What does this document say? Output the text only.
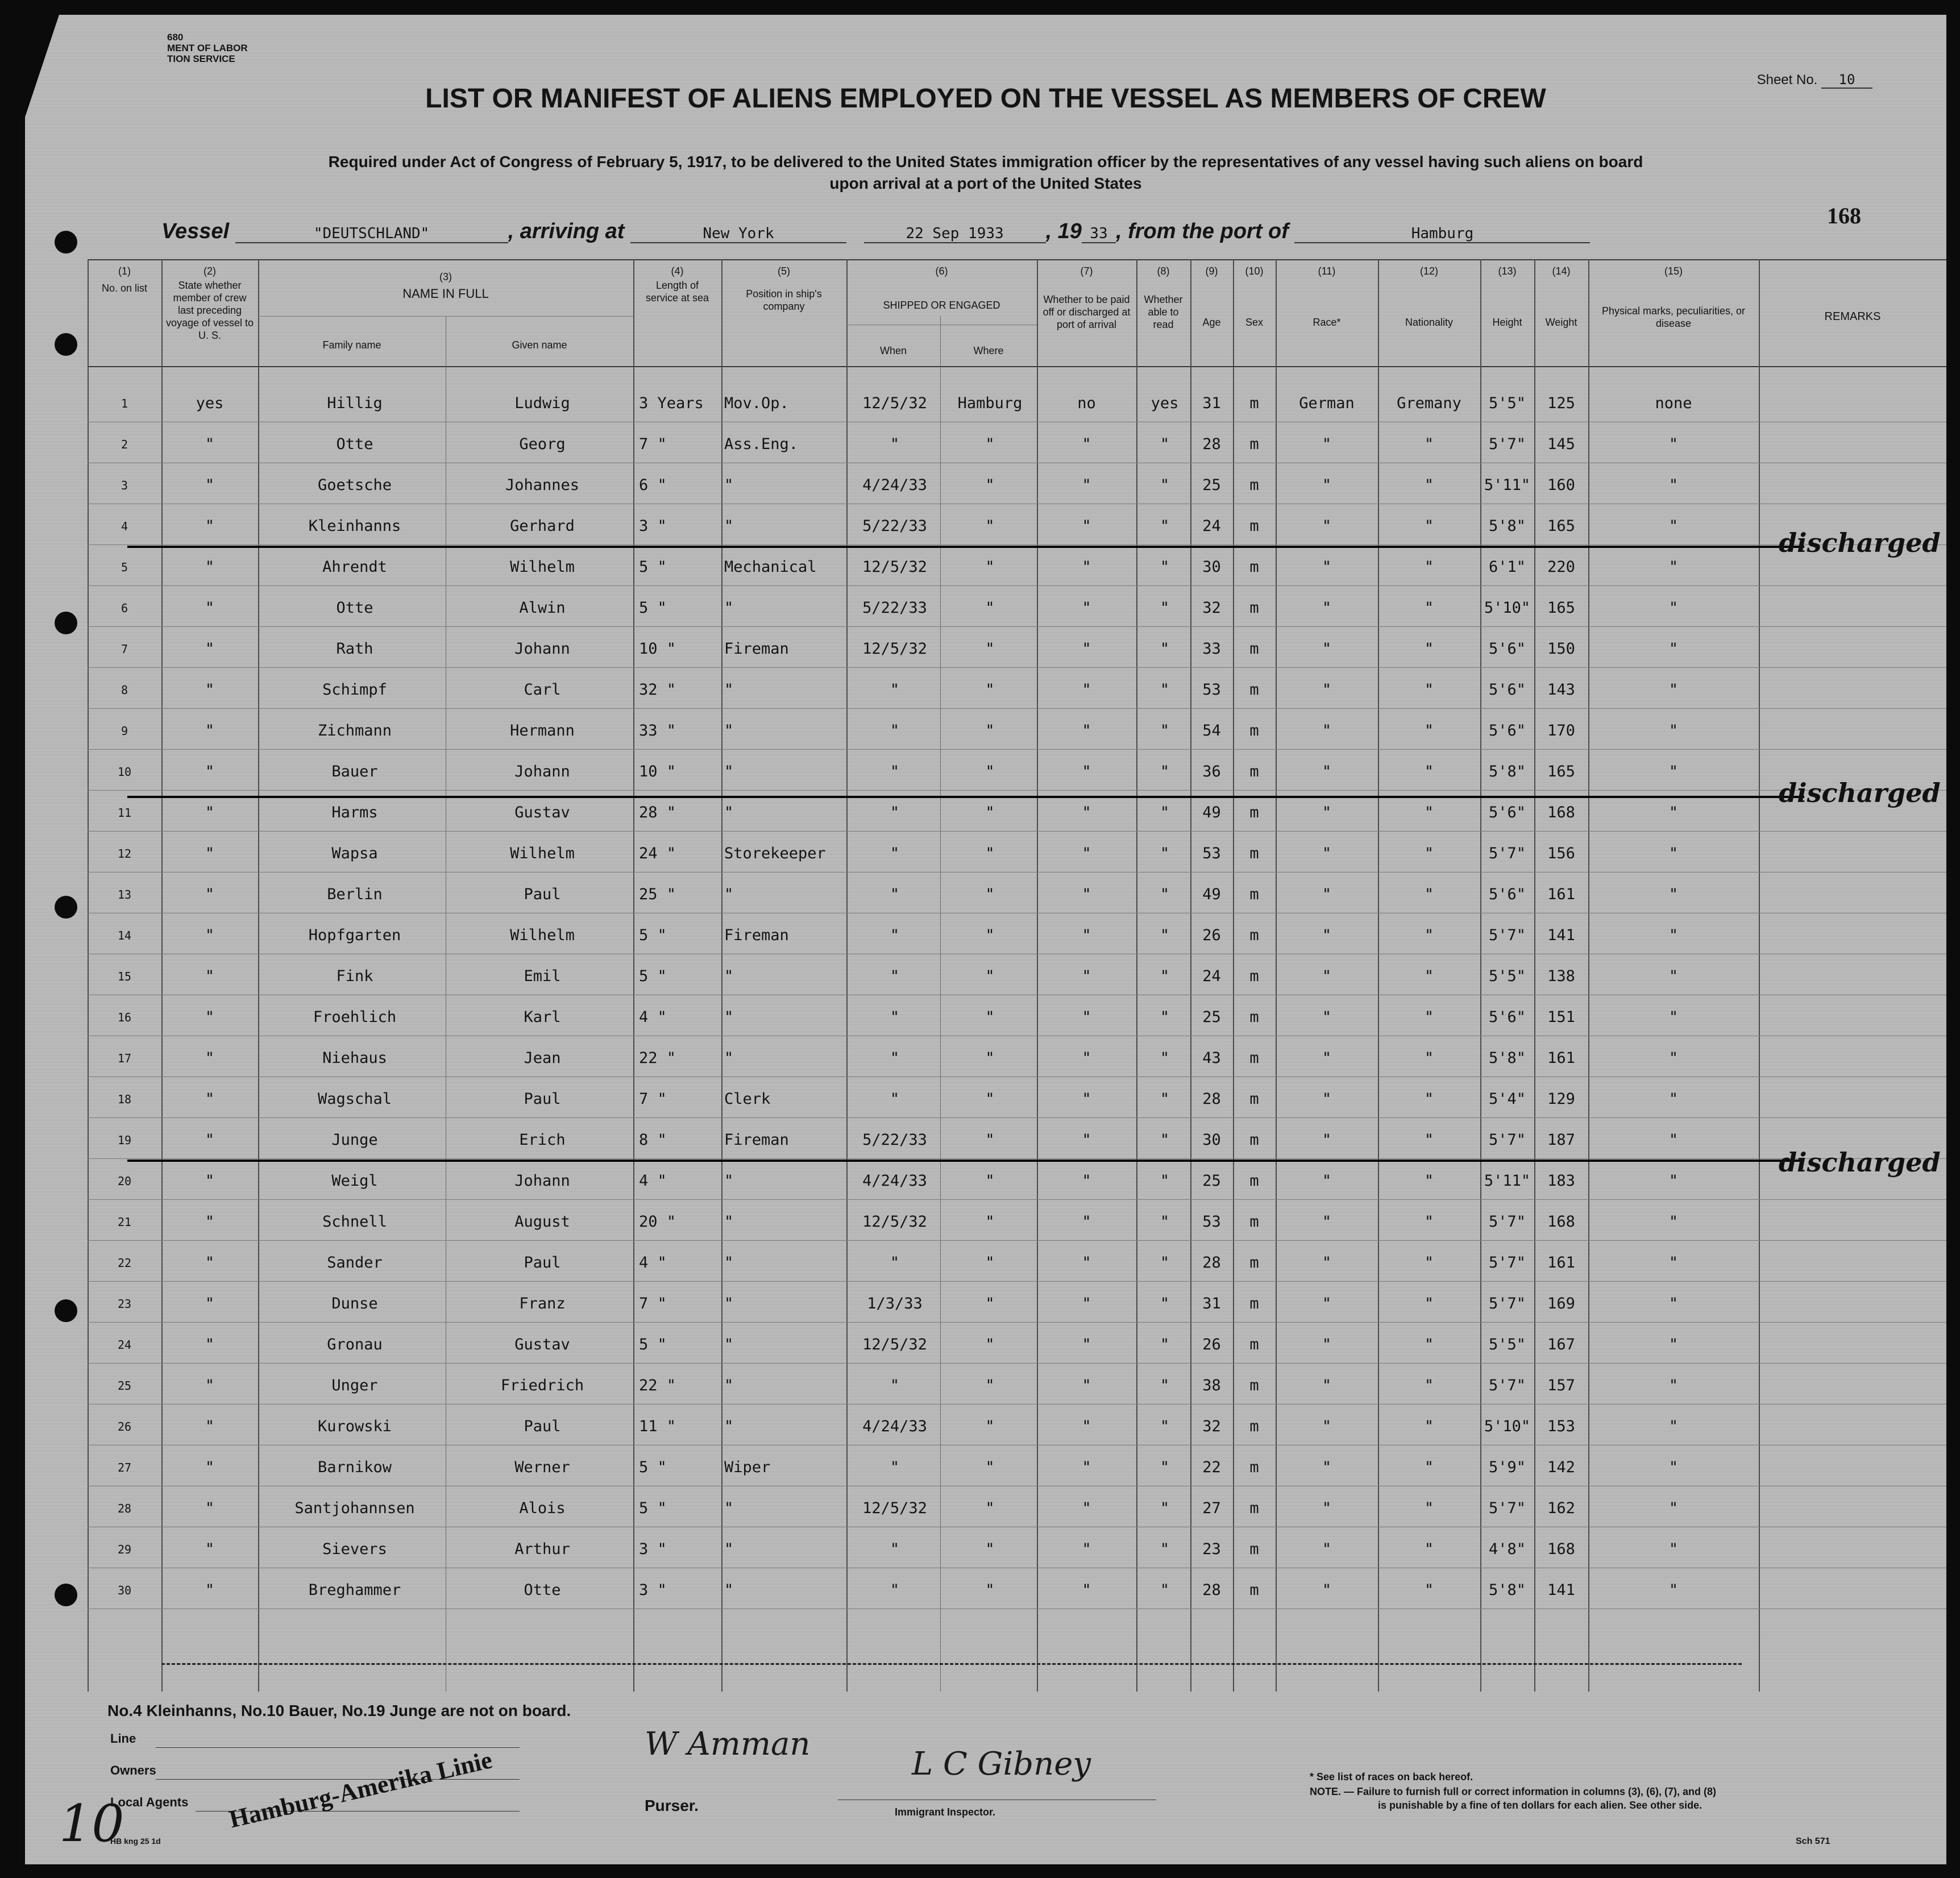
680
MENT OF LABOR
TION SERVICE
Sheet No. 10
LIST OR MANIFEST OF ALIENS EMPLOYED ON THE VESSEL AS MEMBERS OF CREW
Required under Act of Congress of February 5, 1917, to be delivered to the United States immigration officer by the representatives of any vessel having such aliens on board
upon arrival at a port of the United States
168
Vessel	"DEUTSCHLAND"	, arriving at	New York	22 Sep 1933 , 19 33 , from the port of	Hamburg
(1)
No. on list
(2)
State whether member of crew last preceding voyage of vessel to U. S.
(3)
NAME IN FULL
Family name	Given name
(4)
Length of service at sea
(5)
Position in ship's company
(6)
SHIPPED OR ENGAGED
When	Where
(7)
Whether to be paid off or discharged at port of arrival
(8)
Whether able to read
(9)
Age
(10)
Sex
(11)
Race*
(12)
Nationality
(13)
Height
(14)
Weight
(15)
Physical marks, peculiarities, or disease
REMARKS
1	yes	Hillig	Ludwig	3 Years	Mov.Op.	12/5/32	Hamburg	no	yes	31	m	German	Gremany	5'5"	125	none
2	"	Otte	Georg	7 "	Ass.Eng.	"	"	"	"	28	m	"	"	5'7"	145	"
3	"	Goetsche	Johannes	6 "	"	4/24/33	"	"	"	25	m	"	"	5'11"	160	"
4	"	Kleinhanns	Gerhard	3 "	"	5/22/33	"	"	"	24	m	"	"	5'8"	165	"
5	"	Ahrendt	Wilhelm	5 "	Mechanical	12/5/32	"	"	"	30	m	"	"	6'1"	220	"
6	"	Otte	Alwin	5 "	"	5/22/33	"	"	"	32	m	"	"	5'10"	165	"
7	"	Rath	Johann	10 "	Fireman	12/5/32	"	"	"	33	m	"	"	5'6"	150	"
8	"	Schimpf	Carl	32 "	"	"	"	"	"	53	m	"	"	5'6"	143	"
9	"	Zichmann	Hermann	33 "	"	"	"	"	"	54	m	"	"	5'6"	170	"
10	"	Bauer	Johann	10 "	"	"	"	"	"	36	m	"	"	5'8"	165	"
11	"	Harms	Gustav	28 "	"	"	"	"	"	49	m	"	"	5'6"	168	"
12	"	Wapsa	Wilhelm	24 "	Storekeeper	"	"	"	"	53	m	"	"	5'7"	156	"
13	"	Berlin	Paul	25 "	"	"	"	"	"	49	m	"	"	5'6"	161	"
14	"	Hopfgarten	Wilhelm	5 "	Fireman	"	"	"	"	26	m	"	"	5'7"	141	"
15	"	Fink	Emil	5 "	"	"	"	"	"	24	m	"	"	5'5"	138	"
16	"	Froehlich	Karl	4 "	"	"	"	"	"	25	m	"	"	5'6"	151	"
17	"	Niehaus	Jean	22 "	"	"	"	"	"	43	m	"	"	5'8"	161	"
18	"	Wagschal	Paul	7 "	Clerk	"	"	"	"	28	m	"	"	5'4"	129	"
19	"	Junge	Erich	8 "	Fireman	5/22/33	"	"	"	30	m	"	"	5'7"	187	"
20	"	Weigl	Johann	4 "	"	4/24/33	"	"	"	25	m	"	"	5'11"	183	"
21	"	Schnell	August	20 "	"	12/5/32	"	"	"	53	m	"	"	5'7"	168	"
22	"	Sander	Paul	4 "	"	"	"	"	"	28	m	"	"	5'7"	161	"
23	"	Dunse	Franz	7 "	"	1/3/33	"	"	"	31	m	"	"	5'7"	169	"
24	"	Gronau	Gustav	5 "	"	12/5/32	"	"	"	26	m	"	"	5'5"	167	"
25	"	Unger	Friedrich	22 "	"	"	"	"	"	38	m	"	"	5'7"	157	"
26	"	Kurowski	Paul	11 "	"	4/24/33	"	"	"	32	m	"	"	5'10"	153	"
27	"	Barnikow	Werner	5 "	Wiper	"	"	"	"	22	m	"	"	5'9"	142	"
28	"	Santjohannsen	Alois	5 "	"	12/5/32	"	"	"	27	m	"	"	5'7"	162	"
29	"	Sievers	Arthur	3 "	"	"	"	"	"	23	m	"	"	4'8"	168	"
30	"	Breghammer	Otte	3 "	"	"	"	"	"	28	m	"	"	5'8"	141	"
discharged
discharged
discharged
No.4 Kleinhanns, No.10 Bauer, No.19 Junge are not on board.
Line
Owners
Local Agents Hamburg-Amerika Linie
10
W Amman
Purser.
L C Gibney
Immigrant Inspector.
* See list of races on back hereof.
NOTE. — Failure to furnish full or correct information in columns (3), (6), (7), and (8)
is punishable by a fine of ten dollars for each alien. See other side.
HB kng 25 1d	Sch 571
